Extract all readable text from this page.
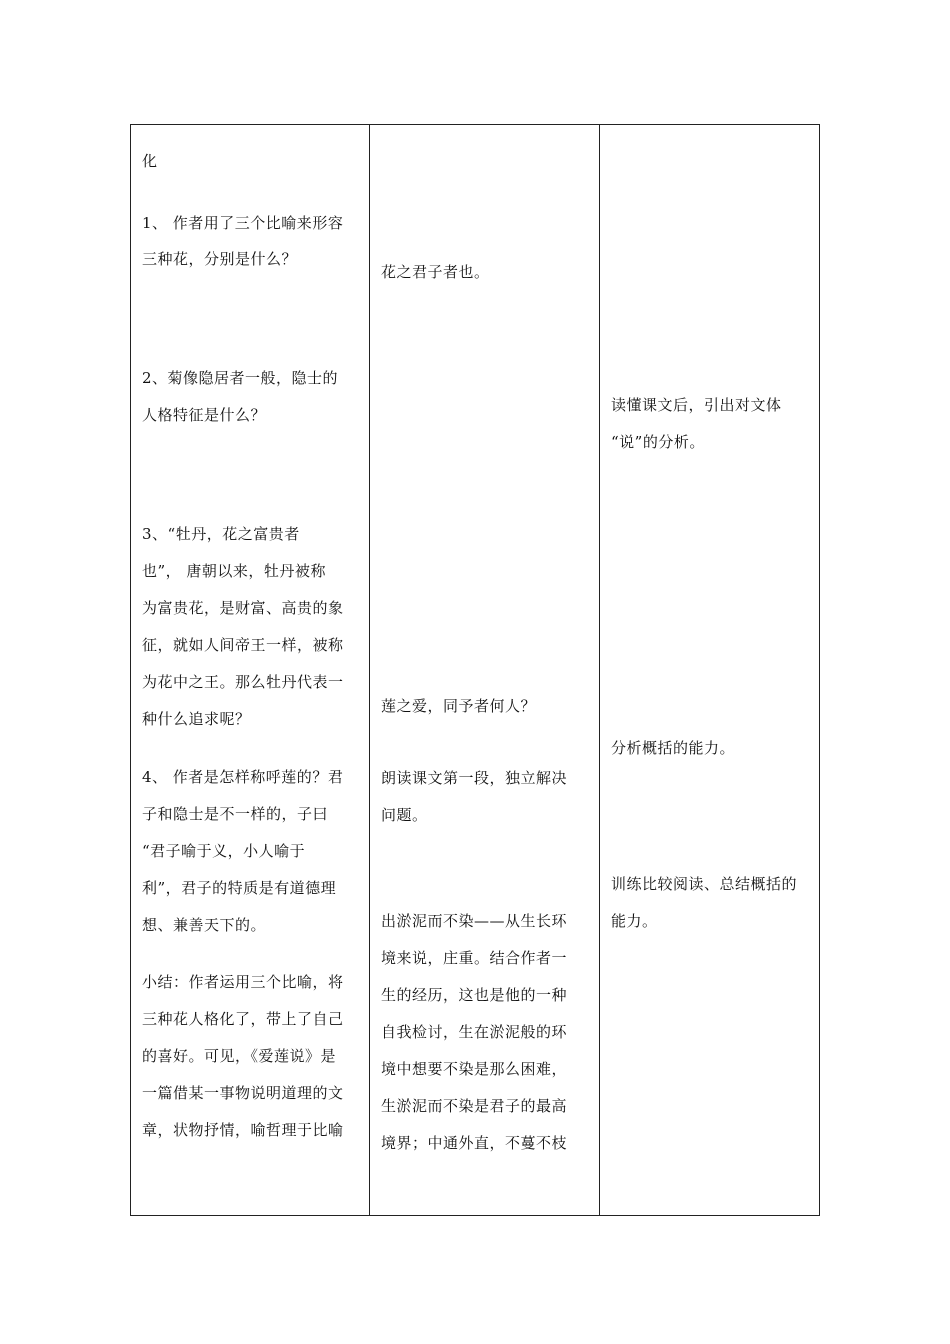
化
1、 作者用了三个比喻来形容
三种花，分别是什么？
2、菊像隐居者一般，隐士的
人格特征是什么？
3、“牡丹，花之富贵者
也”， 唐朝以来，牡丹被称
为富贵花，是财富、高贵的象
征，就如人间帝王一样，被称
为花中之王。那么牡丹代表一
种什么追求呢？
4、 作者是怎样称呼莲的？君
子和隐士是不一样的，子曰
“君子喻于义，小人喻于
利”，君子的特质是有道德理
想、兼善天下的。
小结：作者运用三个比喻，将
三种花人格化了，带上了自己
的喜好。可见，《爱莲说》是
一篇借某一事物说明道理的文
章，状物抒情，喻哲理于比喻
花之君子者也。
莲之爱，同予者何人？
朗读课文第一段，独立解决
问题。
出淤泥而不染——从生长环
境来说，庄重。结合作者一
生的经历，这也是他的一种
自我检讨，生在淤泥般的环
境中想要不染是那么困难，
生淤泥而不染是君子的最高
境界；中通外直，不蔓不枝
读懂课文后，引出对文体
“说”的分析。
分析概括的能力。
训练比较阅读、总结概括的
能力。
